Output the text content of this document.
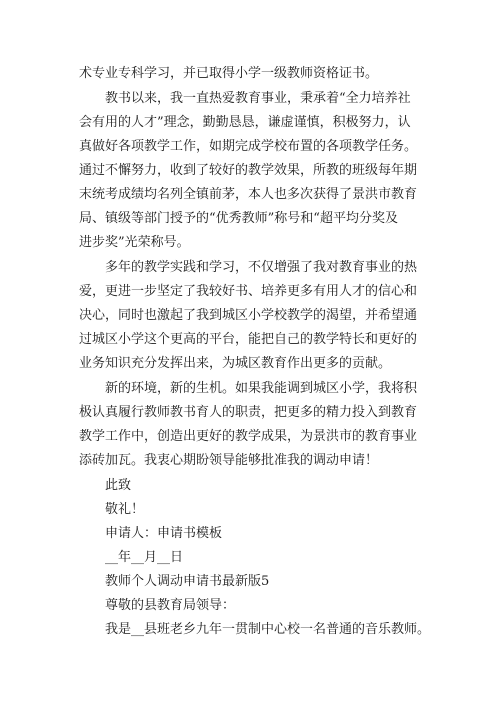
术专业专科学习，并已取得小学一级教师资格证书。
教书以来，我一直热爱教育事业，秉承着“全力培养社
会有用的人才”理念，勤勤恳恳，谦虚谨慎，积极努力，认
真做好各项教学工作，如期完成学校布置的各项教学任务。
通过不懈努力，收到了较好的教学效果，所教的班级每年期
末统考成绩均名列全镇前茅，本人也多次获得了景洪市教育
局、镇级等部门授予的“优秀教师”称号和“超平均分奖及
进步奖”光荣称号。
多年的教学实践和学习，不仅增强了我对教育事业的热
爱，更进一步坚定了我较好书、培养更多有用人才的信心和
决心，同时也激起了我到城区小学校教学的渴望，并希望通
过城区小学这个更高的平台，能把自己的教学特长和更好的
业务知识充分发挥出来，为城区教育作出更多的贡献。
新的环境，新的生机。如果我能调到城区小学，我将积
极认真履行教师教书育人的职责，把更多的精力投入到教育
教学工作中，创造出更好的教学成果，为景洪市的教育事业
添砖加瓦。我衷心期盼领导能够批准我的调动申请！
此致
敬礼！
申请人：申请书模板
__年__月__日
教师个人调动申请书最新版5
尊敬的县教育局领导：
我是__县班老乡九年一贯制中心校一名普通的音乐教师。
